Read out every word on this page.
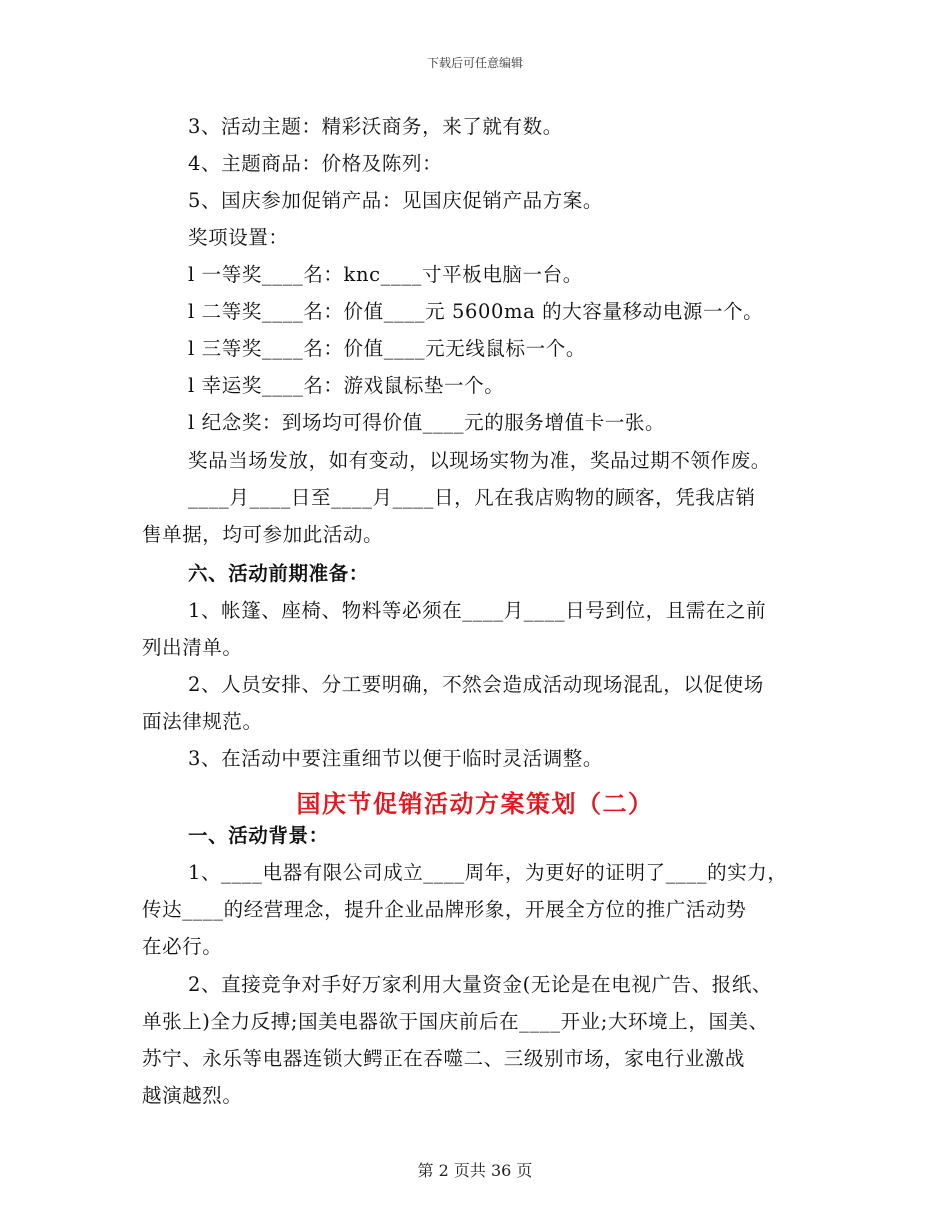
下载后可任意编辑
3、活动主题：精彩沃商务，来了就有数。
4、主题商品：价格及陈列：
5、国庆参加促销产品：见国庆促销产品方案。
奖项设置：
l 一等奖____名：knc____寸平板电脑一台。
l 二等奖____名：价值____元 5600ma 的大容量移动电源一个。
l 三等奖____名：价值____元无线鼠标一个。
l 幸运奖____名：游戏鼠标垫一个。
l 纪念奖：到场均可得价值____元的服务增值卡一张。
奖品当场发放，如有变动，以现场实物为准，奖品过期不领作废。
____月____日至____月____日，凡在我店购物的顾客，凭我店销
售单据，均可参加此活动。
六、活动前期准备：
1、帐篷、座椅、物料等必须在____月____日号到位，且需在之前
列出清单。
2、人员安排、分工要明确，不然会造成活动现场混乱，以促使场
面法律规范。
3、在活动中要注重细节以便于临时灵活调整。
国庆节促销活动方案策划（二）
一、活动背景：
1、____电器有限公司成立____周年，为更好的证明了____的实力，
传达____的经营理念，提升企业品牌形象，开展全方位的推广活动势
在必行。
2、直接竞争对手好万家利用大量资金(无论是在电视广告、报纸、
单张上)全力反搏;国美电器欲于国庆前后在____开业;大环境上，国美、
苏宁、永乐等电器连锁大鳄正在吞噬二、三级别市场，家电行业激战
越演越烈。
第 2 页共 36 页
